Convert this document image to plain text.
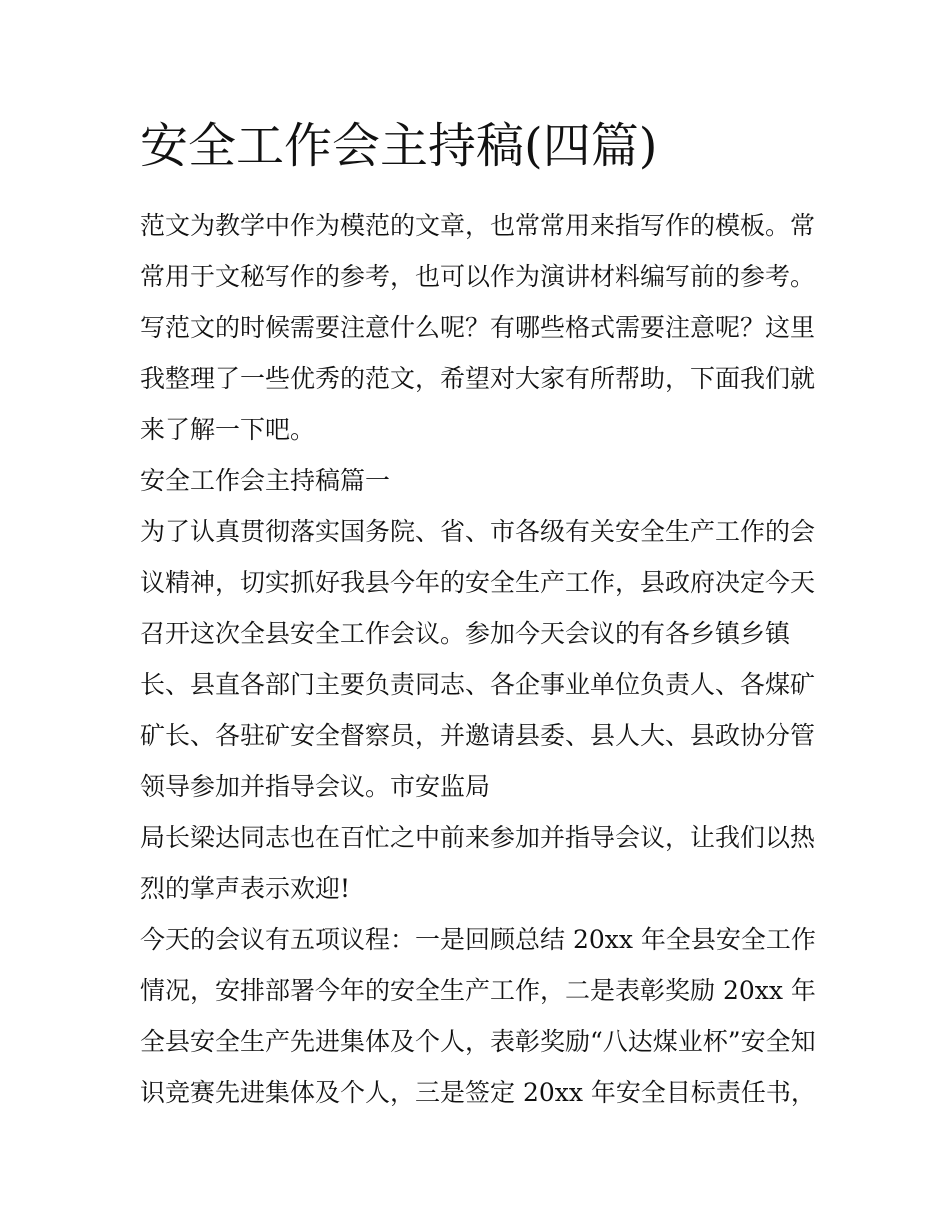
安全工作会主持稿(四篇)
范文为教学中作为模范的文章，也常常用来指写作的模板。常
常用于文秘写作的参考，也可以作为演讲材料编写前的参考。
写范文的时候需要注意什么呢？有哪些格式需要注意呢？这里
我整理了一些优秀的范文，希望对大家有所帮助，下面我们就
来了解一下吧。
安全工作会主持稿篇一
为了认真贯彻落实国务院、省、市各级有关安全生产工作的会
议精神，切实抓好我县今年的安全生产工作，县政府决定今天
召开这次全县安全工作会议。参加今天会议的有各乡镇乡镇
长、县直各部门主要负责同志、各企事业单位负责人、各煤矿
矿长、各驻矿安全督察员，并邀请县委、县人大、县政协分管
领导参加并指导会议。市安监局
局长梁达同志也在百忙之中前来参加并指导会议，让我们以热
烈的掌声表示欢迎!
今天的会议有五项议程：一是回顾总结 20xx 年全县安全工作
情况，安排部署今年的安全生产工作，二是表彰奖励 20xx 年
全县安全生产先进集体及个人，表彰奖励“八达煤业杯”安全知
识竞赛先进集体及个人，三是签定 20xx 年安全目标责任书，
